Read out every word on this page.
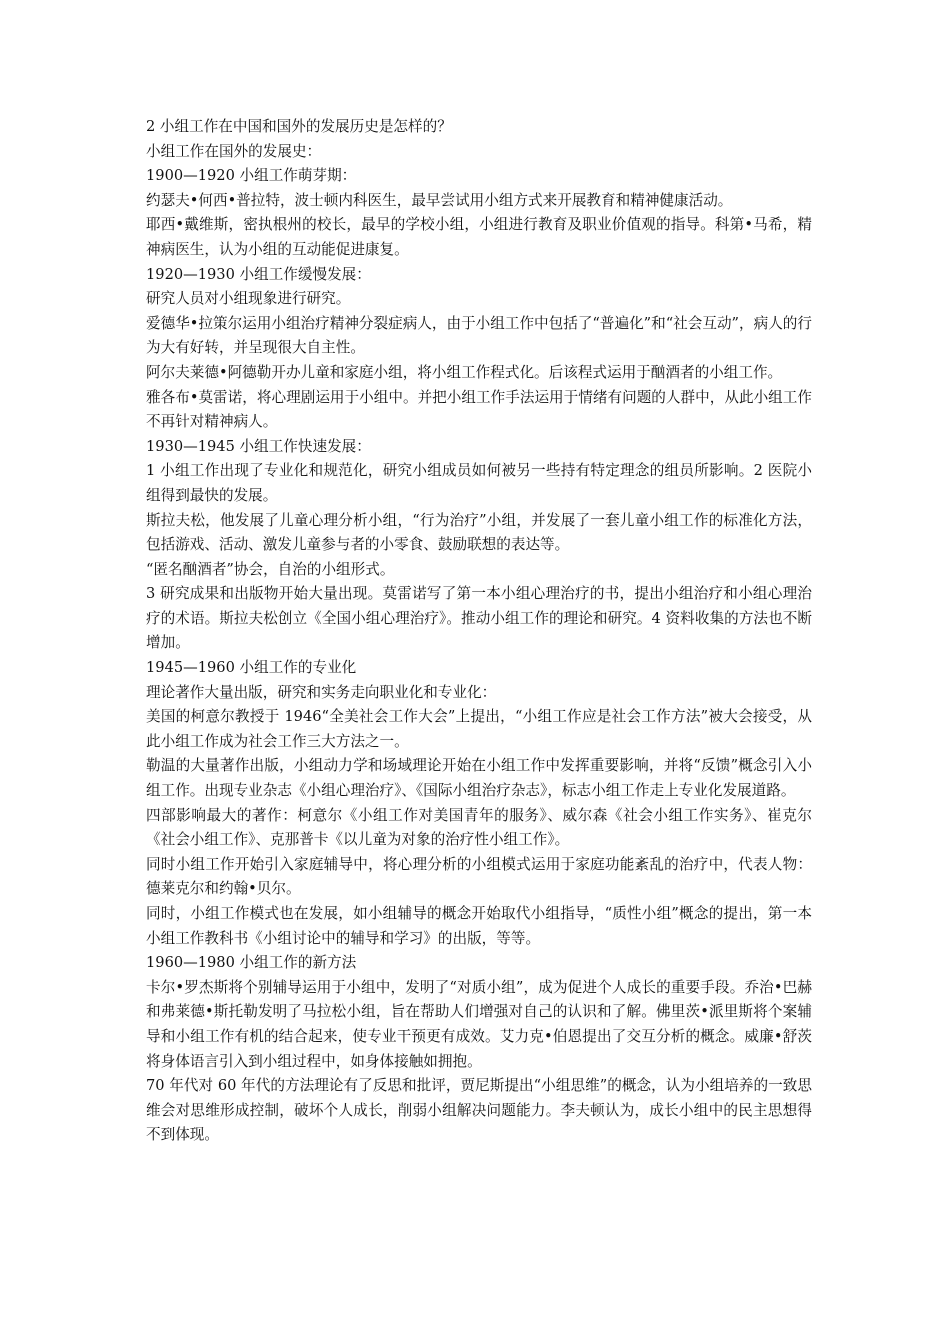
2 小组工作在中国和国外的发展历史是怎样的？

小组工作在国外的发展史：

1900—1920 小组工作萌芽期：

约瑟夫•何西•普拉特，波士顿内科医生，最早尝试用小组方式来开展教育和精神健康活动。

耶西•戴维斯，密执根州的校长，最早的学校小组，小组进行教育及职业价值观的指导。科第•马希，精神病医生，认为小组的互动能促进康复。

1920—1930 小组工作缓慢发展：

研究人员对小组现象进行研究。

爱德华•拉策尔运用小组治疗精神分裂症病人，由于小组工作中包括了“普遍化”和“社会互动”，病人的行为大有好转，并呈现很大自主性。

阿尔夫莱德•阿德勒开办儿童和家庭小组，将小组工作程式化。后该程式运用于酗酒者的小组工作。

雅各布•莫雷诺，将心理剧运用于小组中。并把小组工作手法运用于情绪有问题的人群中，从此小组工作不再针对精神病人。

1930—1945 小组工作快速发展：

1 小组工作出现了专业化和规范化，研究小组成员如何被另一些持有特定理念的组员所影响。2 医院小组得到最快的发展。

斯拉夫松，他发展了儿童心理分析小组，“行为治疗”小组，并发展了一套儿童小组工作的标准化方法，包括游戏、活动、激发儿童参与者的小零食、鼓励联想的表达等。

“匿名酗酒者”协会，自治的小组形式。

3 研究成果和出版物开始大量出现。莫雷诺写了第一本小组心理治疗的书，提出小组治疗和小组心理治疗的术语。斯拉夫松创立《全国小组心理治疗》。推动小组工作的理论和研究。4 资料收集的方法也不断增加。

1945—1960 小组工作的专业化

理论著作大量出版，研究和实务走向职业化和专业化：

美国的柯意尔教授于 1946“全美社会工作大会”上提出，“小组工作应是社会工作方法”被大会接受，从此小组工作成为社会工作三大方法之一。

勒温的大量著作出版，小组动力学和场域理论开始在小组工作中发挥重要影响，并将“反馈”概念引入小组工作。出现专业杂志《小组心理治疗》、《国际小组治疗杂志》，标志小组工作走上专业化发展道路。

四部影响最大的著作：柯意尔《小组工作对美国青年的服务》、威尔森《社会小组工作实务》、崔克尔《社会小组工作》、克那普卡《以儿童为对象的治疗性小组工作》。

同时小组工作开始引入家庭辅导中，将心理分析的小组模式运用于家庭功能紊乱的治疗中，代表人物：德莱克尔和约翰•贝尔。

同时，小组工作模式也在发展，如小组辅导的概念开始取代小组指导，“质性小组”概念的提出，第一本小组工作教科书《小组讨论中的辅导和学习》的出版，等等。

1960—1980 小组工作的新方法

卡尔•罗杰斯将个别辅导运用于小组中，发明了“对质小组”，成为促进个人成长的重要手段。乔治•巴赫和弗莱德•斯托勒发明了马拉松小组，旨在帮助人们增强对自己的认识和了解。佛里茨•派里斯将个案辅导和小组工作有机的结合起来，使专业干预更有成效。艾力克•伯恩提出了交互分析的概念。威廉•舒茨将身体语言引入到小组过程中，如身体接触如拥抱。

70 年代对 60 年代的方法理论有了反思和批评，贾尼斯提出“小组思维”的概念，认为小组培养的一致思维会对思维形成控制，破坏个人成长，削弱小组解决问题能力。李夫顿认为，成长小组中的民主思想得不到体现。
